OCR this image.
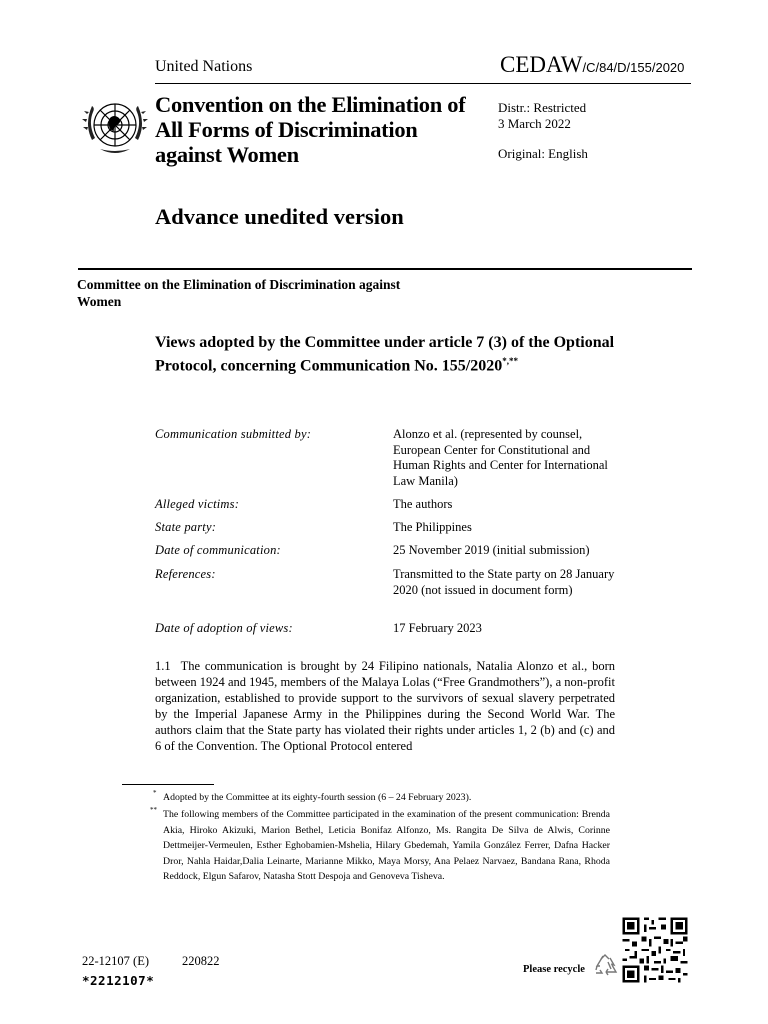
United Nations	CEDAW/C/84/D/155/2020
Convention on the Elimination of All Forms of Discrimination against Women
Distr.: Restricted
3 March 2022
Original: English
Advance unedited version
Committee on the Elimination of Discrimination against Women
Views adopted by the Committee under article 7 (3) of the Optional Protocol, concerning Communication No. 155/2020*,**
Communication submitted by:	Alonzo et al. (represented by counsel, European Center for Constitutional and Human Rights and Center for International Law Manila)
Alleged victims:	The authors
State party:	The Philippines
Date of communication:	25 November 2019 (initial submission)
References:	Transmitted to the State party on 28 January 2020 (not issued in document form)
Date of adoption of views:	17 February 2023
1.1 The communication is brought by 24 Filipino nationals, Natalia Alonzo et al., born between 1924 and 1945, members of the Malaya Lolas (“Free Grandmothers”), a non-profit organization, established to provide support to the survivors of sexual slavery perpetrated by the Imperial Japanese Army in the Philippines during the Second World War. The authors claim that the State party has violated their rights under articles 1, 2 (b) and (c) and 6 of the Convention. The Optional Protocol entered
* Adopted by the Committee at its eighty-fourth session (6 – 24 February 2023).
** The following members of the Committee participated in the examination of the present communication: Brenda Akia, Hiroko Akizuki, Marion Bethel, Leticia Bonifaz Alfonzo, Ms. Rangita De Silva de Alwis, Corinne Dettmeijer-Vermeulen, Esther Eghobamien-Mshelia, Hilary Gbedemah, Yamila González Ferrer, Dafna Hacker Dror, Nahla Haidar,Dalia Leinarte, Marianne Mikko, Maya Morsy, Ana Pelaez Narvaez, Bandana Rana, Rhoda Reddock, Elgun Safarov, Natasha Stott Despoja and Genoveva Tisheva.
22-12107 (E)	220822
*2212107*
Please recycle
